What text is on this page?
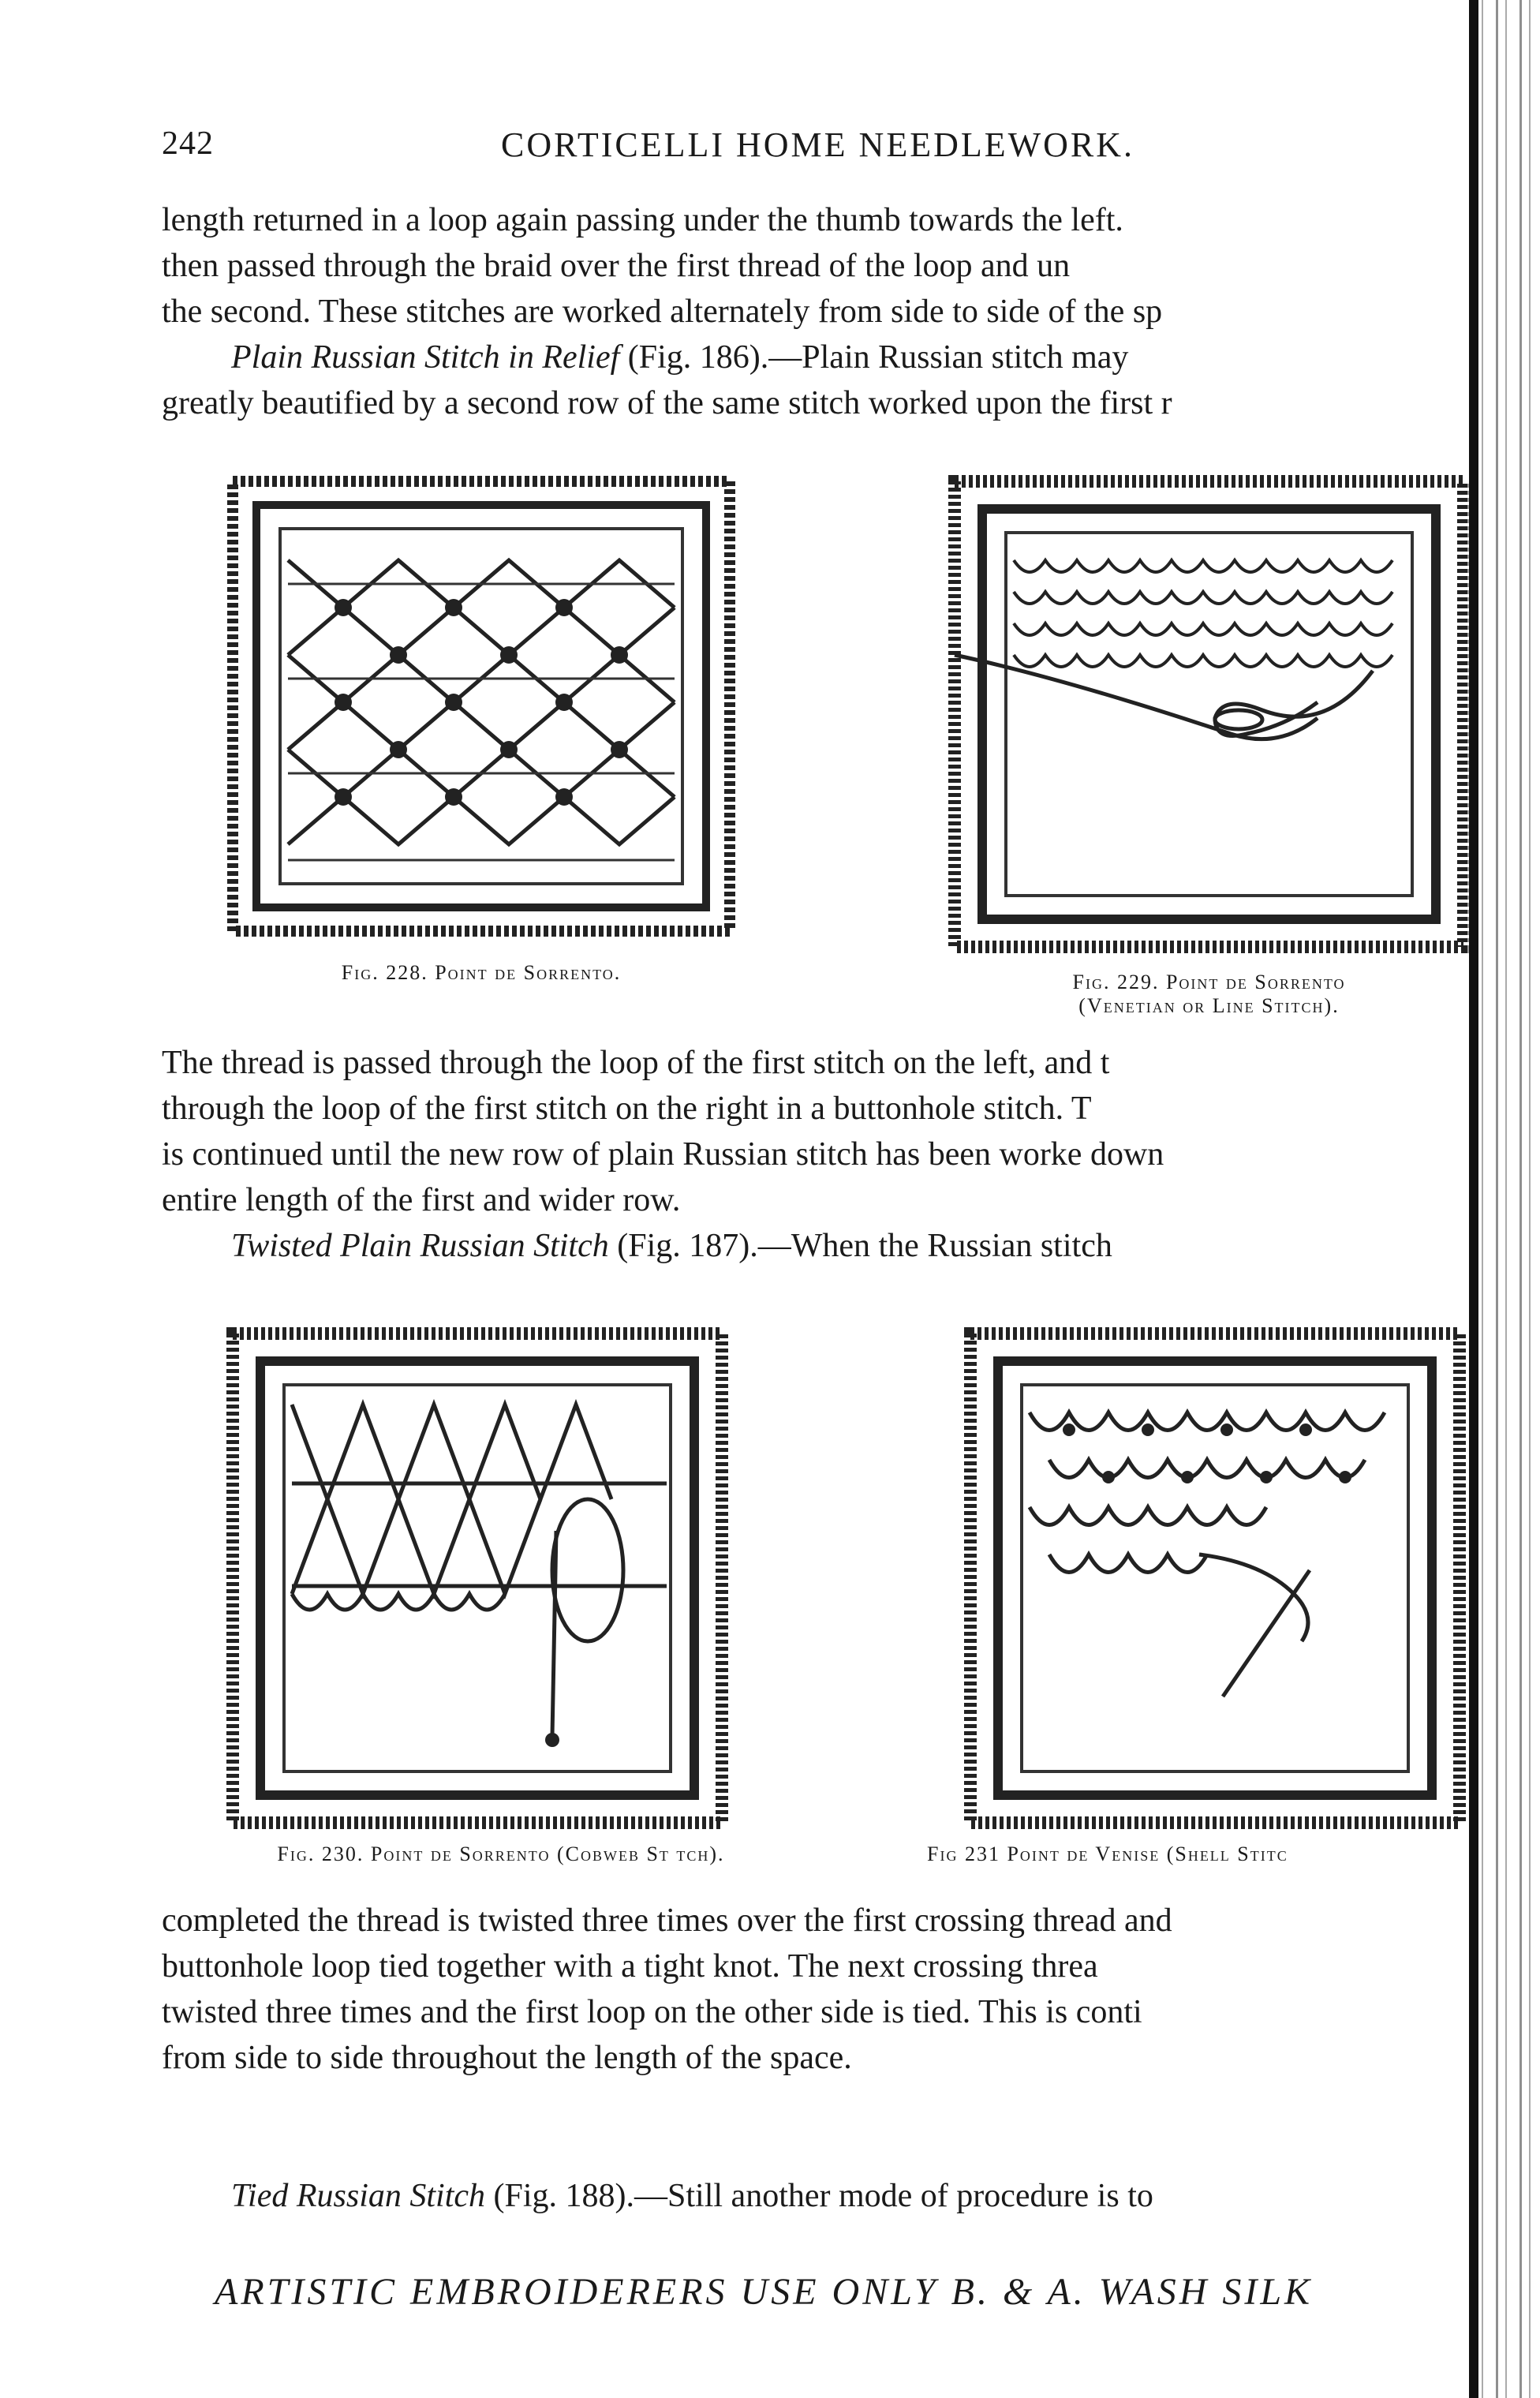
242	CORTICELLI HOME NEEDLEWORK.
length returned in a loop again passing under the thumb towards the left.
then passed through the braid over the first thread of the loop and un
the second. These stitches are worked alternately from side to side of the sp
Plain Russian Stitch in Relief (Fig. 186).—Plain Russian stitch may
greatly beautified by a second row of the same stitch worked upon the first r
Fig. 228. Point de Sorrento.	Fig. 229. Point de Sorrento
(Venetian or Line Stitch).
The thread is passed through the loop of the first stitch on the left, and t
through the loop of the first stitch on the right in a buttonhole stitch. T
is continued until the new row of plain Russian stitch has been worke down
entire length of the first and wider row.
Twisted Plain Russian Stitch (Fig. 187).—When the Russian stitch
Fig. 230. Point de Sorrento (Cobweb St tch).	Fig 231 Point de Venise (Shell Stitc
completed the thread is twisted three times over the first crossing thread and
buttonhole loop tied together with a tight knot. The next crossing threa
twisted three times and the first loop on the other side is tied. This is conti
from side to side throughout the length of the space.
Tied Russian Stitch (Fig. 188).—Still another mode of procedure is to
ARTISTIC EMBROIDERERS USE ONLY B. & A. WASH SILK
